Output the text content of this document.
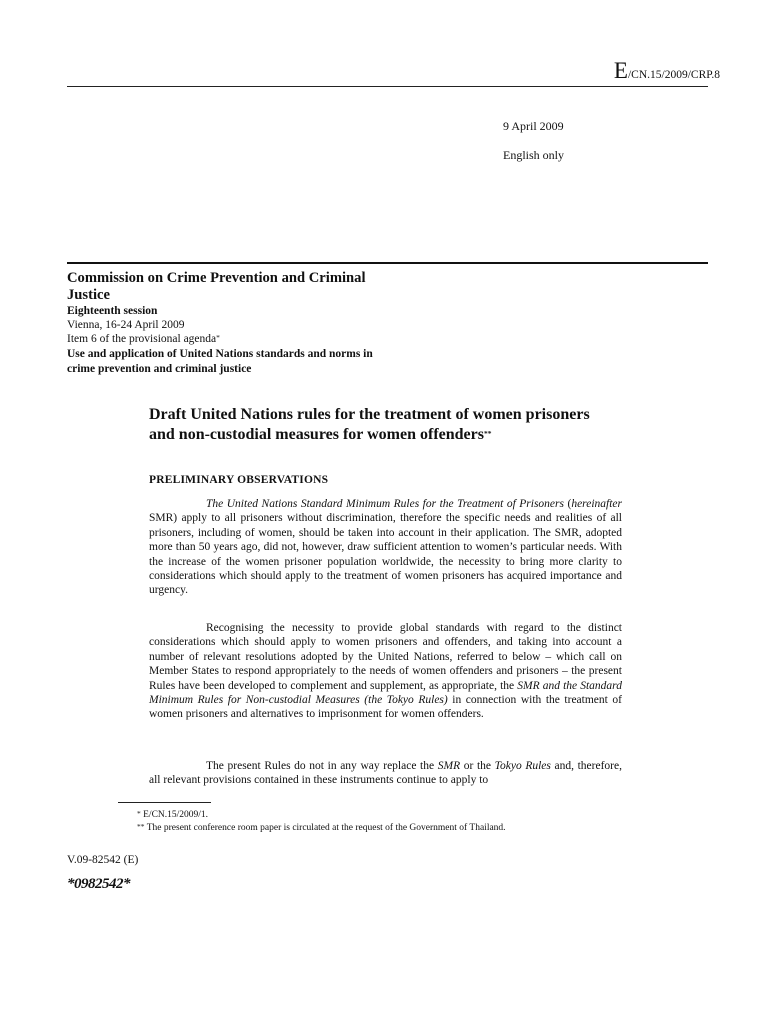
E/CN.15/2009/CRP.8
9 April 2009
English only
Commission on Crime Prevention and Criminal Justice
Eighteenth session
Vienna, 16-24 April 2009
Item 6 of the provisional agenda*
Use and application of United Nations standards and norms in crime prevention and criminal justice
Draft United Nations rules for the treatment of women prisoners and non-custodial measures for women offenders**
PRELIMINARY OBSERVATIONS
The United Nations Standard Minimum Rules for the Treatment of Prisoners (hereinafter SMR) apply to all prisoners without discrimination, therefore the specific needs and realities of all prisoners, including of women, should be taken into account in their application. The SMR, adopted more than 50 years ago, did not, however, draw sufficient attention to women’s particular needs. With the increase of the women prisoner population worldwide, the necessity to bring more clarity to considerations which should apply to the treatment of women prisoners has acquired importance and urgency.
Recognising the necessity to provide global standards with regard to the distinct considerations which should apply to women prisoners and offenders, and taking into account a number of relevant resolutions adopted by the United Nations, referred to below – which call on Member States to respond appropriately to the needs of women offenders and prisoners – the present Rules have been developed to complement and supplement, as appropriate, the SMR and the Standard Minimum Rules for Non-custodial Measures (the Tokyo Rules) in connection with the treatment of women prisoners and alternatives to imprisonment for women offenders.
The present Rules do not in any way replace the SMR or the Tokyo Rules and, therefore, all relevant provisions contained in these instruments continue to apply to
* E/CN.15/2009/1.
** The present conference room paper is circulated at the request of the Government of Thailand.
V.09-82542 (E)
*0982542*
